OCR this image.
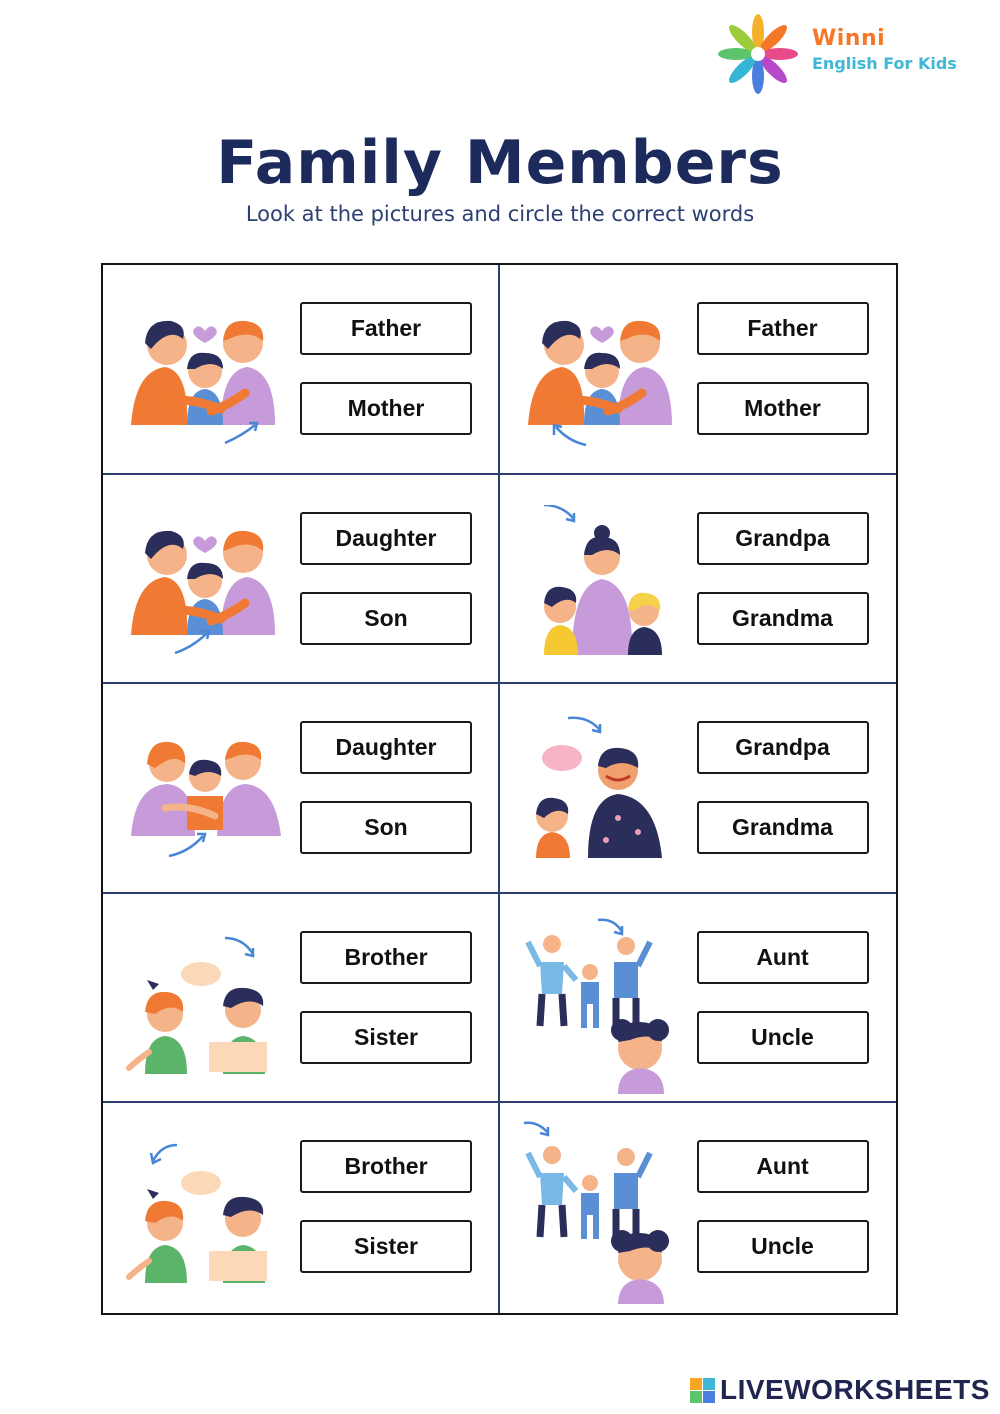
Winni
English For Kids
Family Members
Look at the pictures and circle the correct words
Father
Mother
Father
Mother
Daughter
Son
Grandpa
Grandma
Daughter
Son
Grandpa
Grandma
Brother
Sister
Aunt
Uncle
Brother
Sister
Aunt
Uncle
LIVEWORKSHEETS
